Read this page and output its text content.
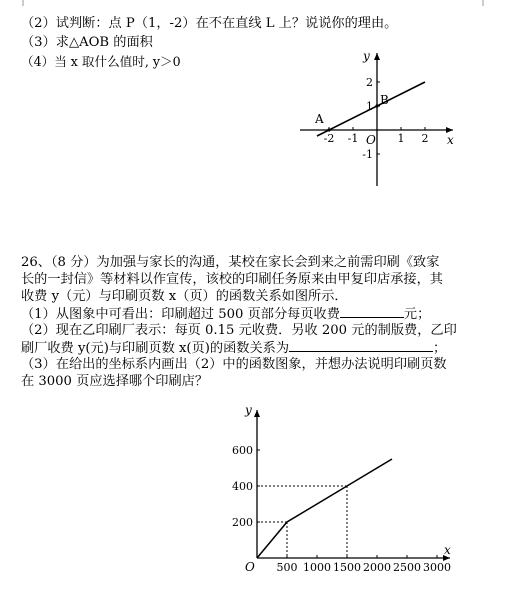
（2）试判断：点 P（1，-2）在不在直线 L 上？说说你的理由。
（3）求△AOB 的面积
（4）当 x 取什么值时, y＞0
-2 -1	1 2
2
1
-1
x
y
O
A
B
26、（8 分）为加强与家长的沟通，某校在家长会到来之前需印刷《致家
长的一封信》等材料以作宣传，该校的印刷任务原来由甲复印店承接，其
收费 y（元）与印刷页数 x（页）的函数关系如图所示．
（1）从图象中可看出：印刷超过 500 页部分每页收费	元；
（2）现在乙印刷厂表示：每页 0.15 元收费．另收 200 元的制版费，乙印
刷厂收费 y(元)与印刷页数 x(页)的函数关系为	；
（3）在给出的坐标系内画出（2）中的函数图象，并想办法说明印刷页数
在 3000 页应选择哪个印刷店？
500 1000 1500 2000 2500 3000
200
400
600
x
y
O
